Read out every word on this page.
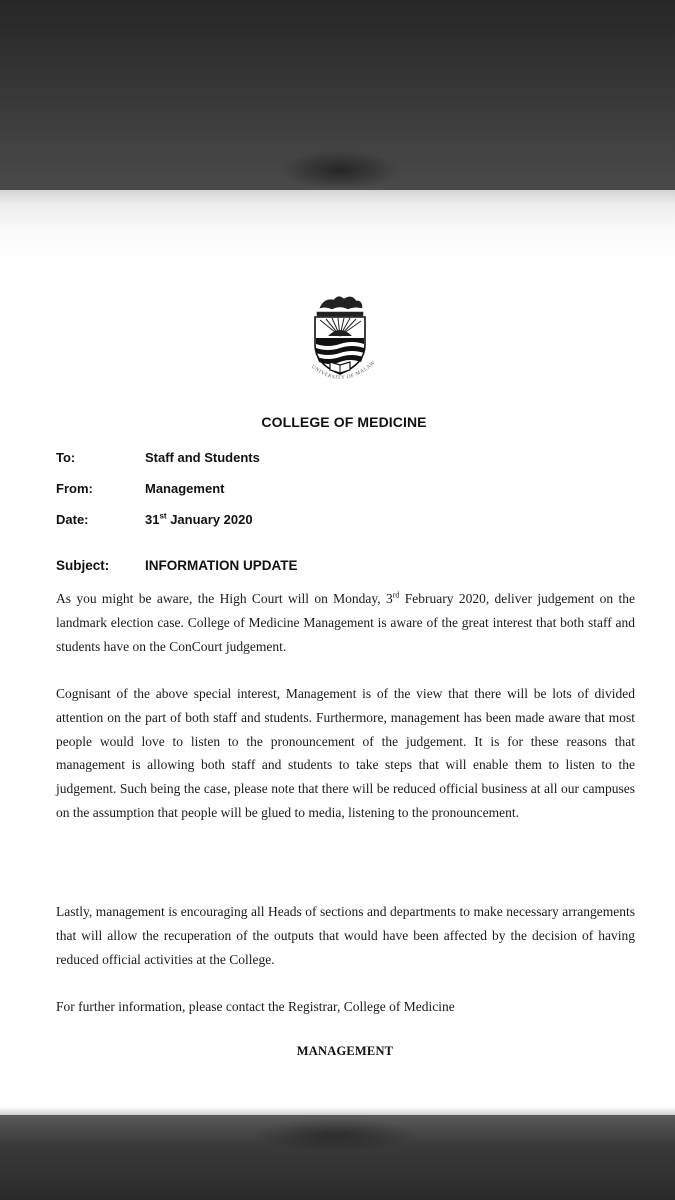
UNIVERSITY OF MALAW
COLLEGE OF MEDICINE
To:	Staff and Students
From:	Management
Date:	31st January 2020
Subject:	INFORMATION UPDATE
As you might be aware, the High Court will on Monday, 3rd February 2020, deliver judgement on the landmark election case. College of Medicine Management is aware of the great interest that both staff and students have on the ConCourt judgement.
Cognisant of the above special interest, Management is of the view that there will be lots of divided attention on the part of both staff and students. Furthermore, management has been made aware that most people would love to listen to the pronouncement of the judgement. It is for these reasons that management is allowing both staff and students to take steps that will enable them to listen to the judgement. Such being the case, please note that there will be reduced official business at all our campuses on the assumption that people will be glued to media, listening to the pronouncement.
Lastly, management is encouraging all Heads of sections and departments to make necessary arrangements that will allow the recuperation of the outputs that would have been affected by the decision of having reduced official activities at the College.
For further information, please contact the Registrar, College of Medicine
MANAGEMENT
